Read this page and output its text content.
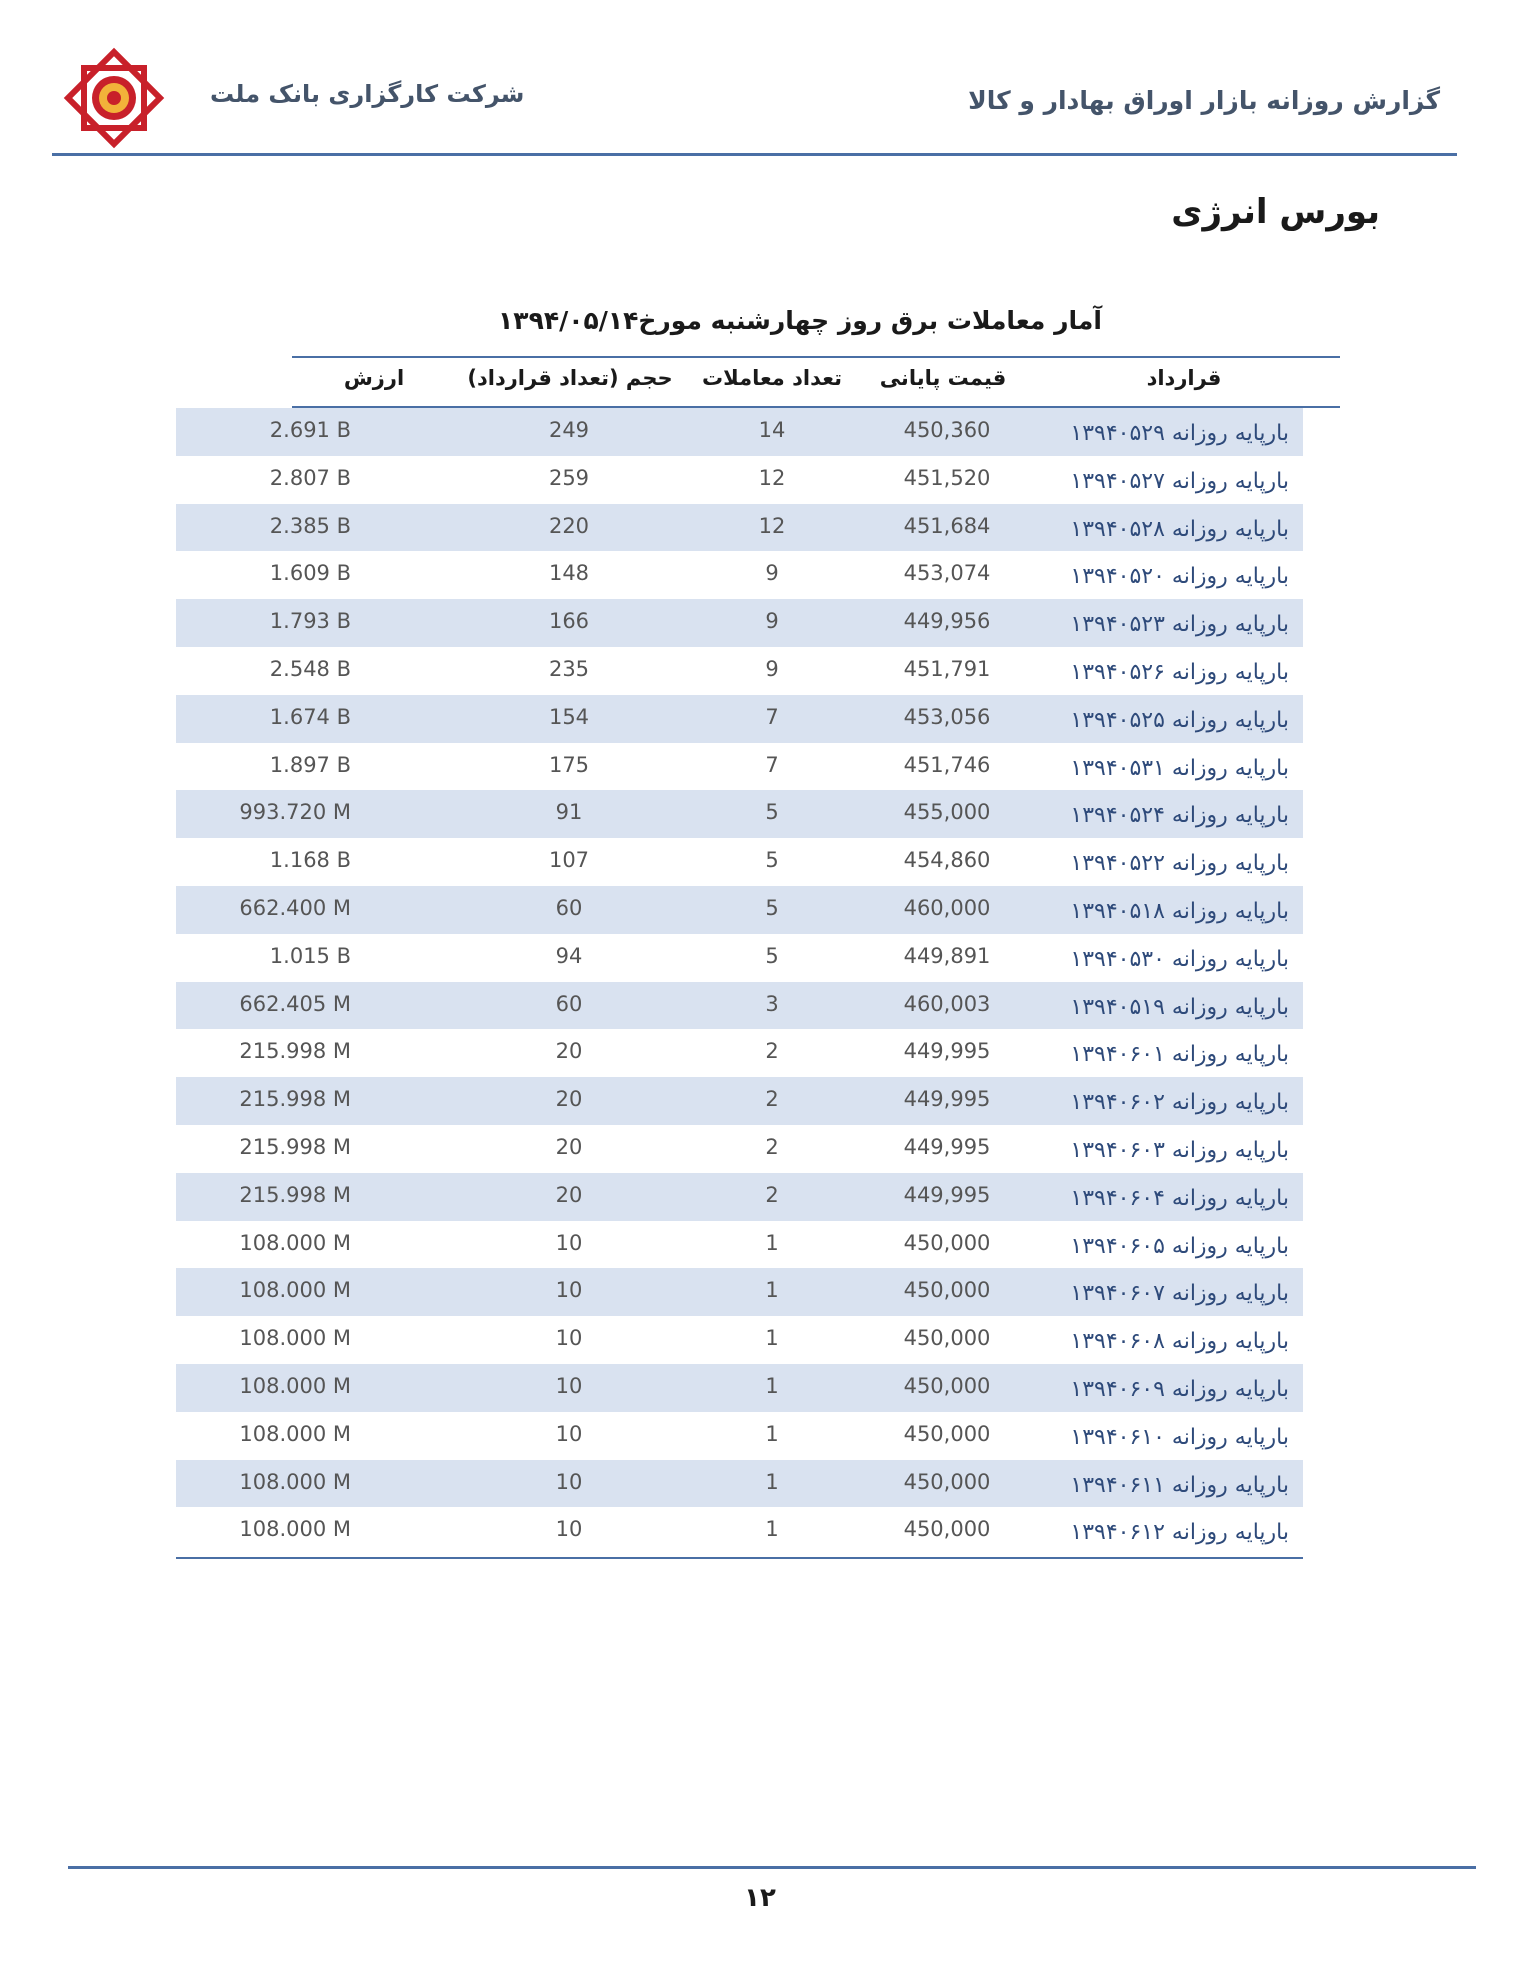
شرکت کارگزاری بانک ملت	گزارش روزانه بازار اوراق بهادار و کالا
بورس انرژی
آمار معاملات برق روز چهارشنبه مورخ۱۳۹۴/۰۵/۱۴
قرارداد
قیمت پایانی
تعداد معاملات
حجم (تعداد قرارداد)
ارزش
بارپایه روزانه ۱۳۹۴۰۵۲۹
450,360
14
249
2.691 B
بارپایه روزانه ۱۳۹۴۰۵۲۷
451,520
12
259
2.807 B
بارپایه روزانه ۱۳۹۴۰۵۲۸
451,684
12
220
2.385 B
بارپایه روزانه ۱۳۹۴۰۵۲۰
453,074
9
148
1.609 B
بارپایه روزانه ۱۳۹۴۰۵۲۳
449,956
9
166
1.793 B
بارپایه روزانه ۱۳۹۴۰۵۲۶
451,791
9
235
2.548 B
بارپایه روزانه ۱۳۹۴۰۵۲۵
453,056
7
154
1.674 B
بارپایه روزانه ۱۳۹۴۰۵۳۱
451,746
7
175
1.897 B
بارپایه روزانه ۱۳۹۴۰۵۲۴
455,000
5
91
993.720 M
بارپایه روزانه ۱۳۹۴۰۵۲۲
454,860
5
107
1.168 B
بارپایه روزانه ۱۳۹۴۰۵۱۸
460,000
5
60
662.400 M
بارپایه روزانه ۱۳۹۴۰۵۳۰
449,891
5
94
1.015 B
بارپایه روزانه ۱۳۹۴۰۵۱۹
460,003
3
60
662.405 M
بارپایه روزانه ۱۳۹۴۰۶۰۱
449,995
2
20
215.998 M
بارپایه روزانه ۱۳۹۴۰۶۰۲
449,995
2
20
215.998 M
بارپایه روزانه ۱۳۹۴۰۶۰۳
449,995
2
20
215.998 M
بارپایه روزانه ۱۳۹۴۰۶۰۴
449,995
2
20
215.998 M
بارپایه روزانه ۱۳۹۴۰۶۰۵
450,000
1
10
108.000 M
بارپایه روزانه ۱۳۹۴۰۶۰۷
450,000
1
10
108.000 M
بارپایه روزانه ۱۳۹۴۰۶۰۸
450,000
1
10
108.000 M
بارپایه روزانه ۱۳۹۴۰۶۰۹
450,000
1
10
108.000 M
بارپایه روزانه ۱۳۹۴۰۶۱۰
450,000
1
10
108.000 M
بارپایه روزانه ۱۳۹۴۰۶۱۱
450,000
1
10
108.000 M
بارپایه روزانه ۱۳۹۴۰۶۱۲
450,000
1
10
108.000 M
۱۲
